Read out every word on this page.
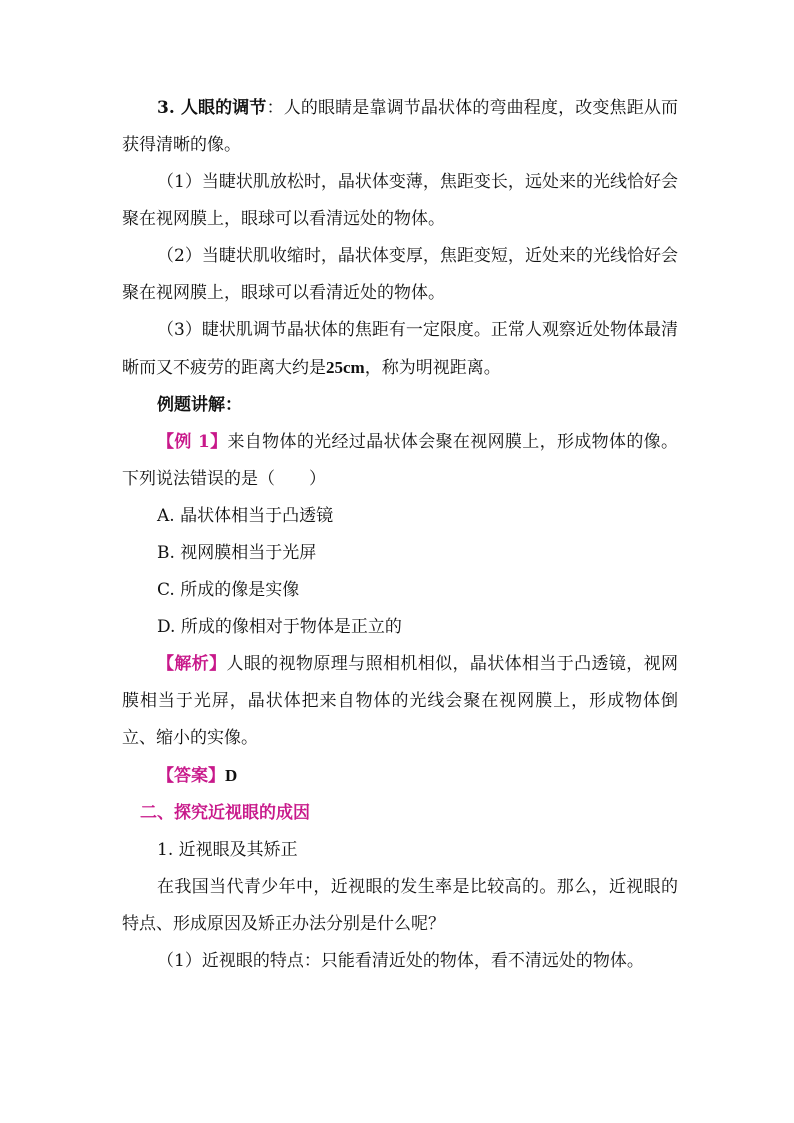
3. 人眼的调节：人的眼睛是靠调节晶状体的弯曲程度，改变焦距从而获得清晰的像。

（1）当睫状肌放松时，晶状体变薄，焦距变长，远处来的光线恰好会聚在视网膜上，眼球可以看清远处的物体。

（2）当睫状肌收缩时，晶状体变厚，焦距变短，近处来的光线恰好会聚在视网膜上，眼球可以看清近处的物体。

（3）睫状肌调节晶状体的焦距有一定限度。正常人观察近处物体最清晰而又不疲劳的距离大约是25cm，称为明视距离。

例题讲解：

【例 1】来自物体的光经过晶状体会聚在视网膜上，形成物体的像。下列说法错误的是（　　）

A. 晶状体相当于凸透镜

B. 视网膜相当于光屏

C. 所成的像是实像

D. 所成的像相对于物体是正立的

【解析】人眼的视物原理与照相机相似，晶状体相当于凸透镜，视网膜相当于光屏，晶状体把来自物体的光线会聚在视网膜上，形成物体倒立、缩小的实像。

【答案】D

二、探究近视眼的成因

1. 近视眼及其矫正

在我国当代青少年中，近视眼的发生率是比较高的。那么，近视眼的特点、形成原因及矫正办法分别是什么呢？

（1）近视眼的特点：只能看清近处的物体，看不清远处的物体。
